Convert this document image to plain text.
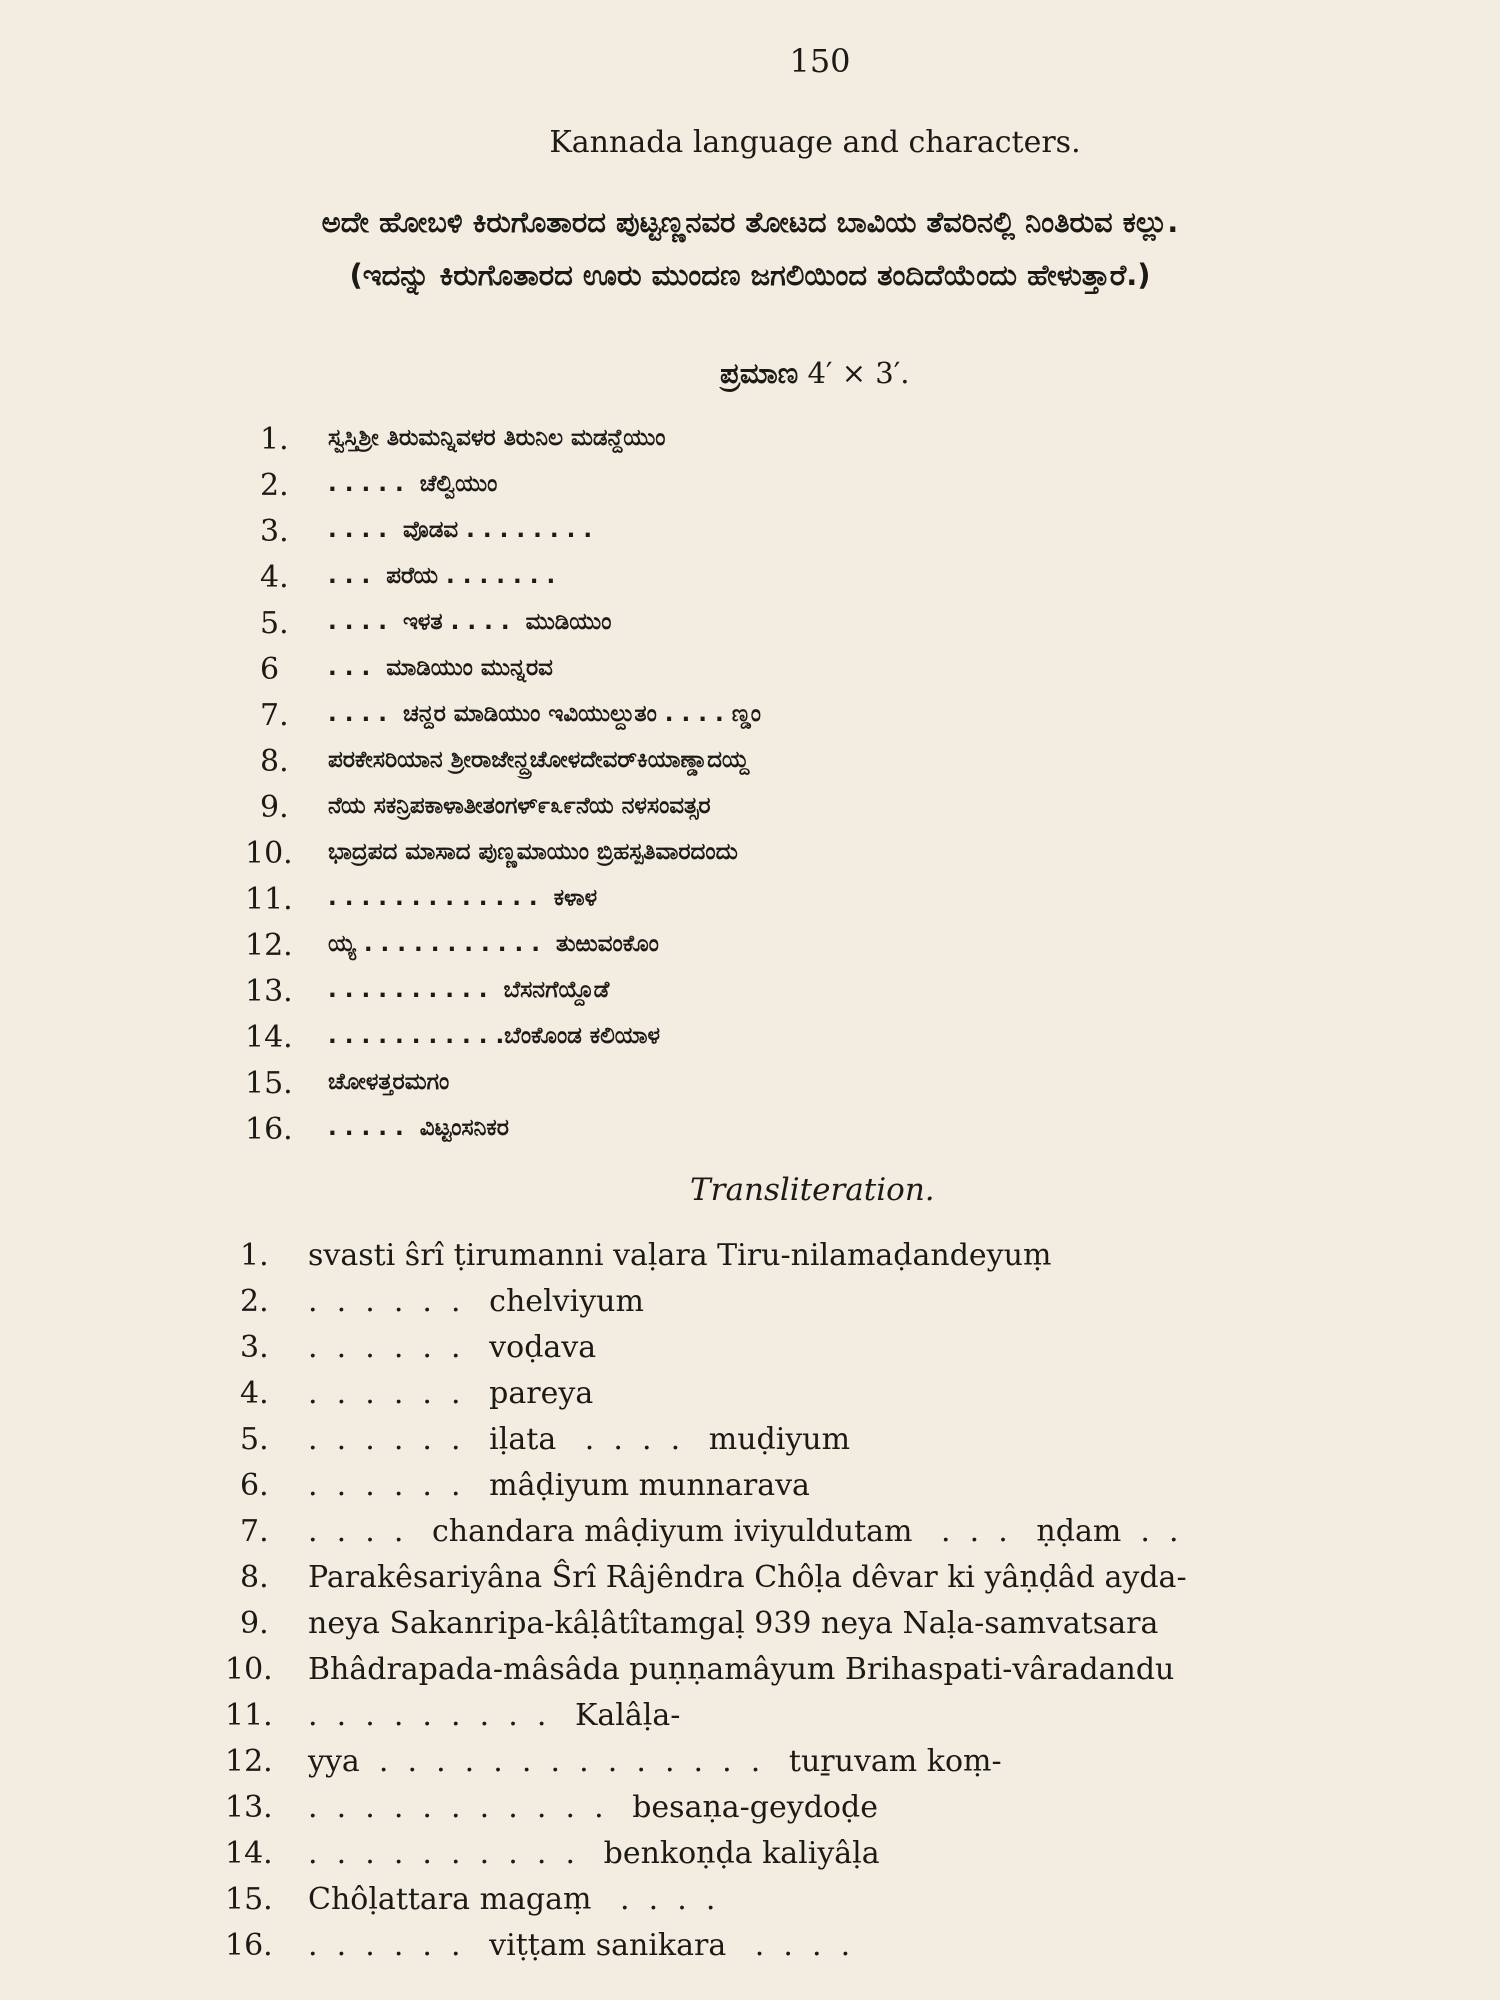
150
Kannada language and characters.
ಅದೇ ಹೋಬಳಿ ಕಿರುಗೊತಾರದ ಪುಟ್ಟಣ್ಣನವರ ತೋಟದ ಬಾವಿಯ ತೆವರಿನಲ್ಲಿ ನಿಂತಿರುವ ಕಲ್ಲು.
(ಇದನ್ನು ಕಿರುಗೊತಾರದ ಊರು ಮುಂದಣ ಜಗಲಿಯಿಂದ ತಂದಿದೆಯೆಂದು ಹೇಳುತ್ತಾರೆ.)
ಪ್ರಮಾಣ 4′ × 3′.
1. ಸ್ವಸ್ತಿಶ್ರೀ ತಿರುಮನ್ನಿವಳರ ತಿರುನಿಲ ಮಡನ್ದೆಯುಂ
2. . . . . .  ಚೆಲ್ವಿಯುಂ
3. . . . .  ವೊಡವ . . . . . . . .
4. . . .  ಪರೆಯ . . . . . . .
5. . . . .  ಇಳತ . . . .  ಮುಡಿಯುಂ
6 . . .  ಮಾಡಿಯುಂ ಮುನ್ನರವ
7. . . . .  ಚನ್ದರ ಮಾಡಿಯುಂ ಇವಿಯುಲ್ದುತಂ . . . . ಣ್ಡಂ
8. ಪರಕೇಸರಿಯಾನ ಶ್ರೀರಾಜೇನ್ದ್ರಚೋಳದೇವರ್‌ಕಿಯಾಣ್ಡಾದಯ್ದ
9. ನೆಯ ಸಕನ್ರಿಪಕಾಳಾತೀತಂಗಳ್‌೯೩೯ನೆಯ ನಳಸಂವತ್ಸರ
10. ಭಾದ್ರಪದ ಮಾಸಾದ ಪುಣ್ಣಮಾಯುಂ ಬ್ರಿಹಸ್ಪತಿವಾರದಂದು
11. . . . . . . . . . . . . .  ಕಳಾಳ
12. ಯ್ಯ . . . . . . . . . . .  ತುಱುವಂಕೊಂ
13. . . . . . . . . . .  ಬೆಸನಗೆಯ್ದೊಡೆ
14. . . . . . . . . . . .ಬೆಂಕೊಂಡ ಕಲಿಯಾಳ
15. ಚೋಳತ್ತರಮಗಂ
16. . . . . .  ವಿಟ್ಟಂಸನಿಕರ
Transliteration.
1. svasti ŝrî ṭirumanni vaḷara Tiru-nilamaḍandeyuṃ
2. .  .  .  .  .  .   chelviyum
3. .  .  .  .  .  .   voḍava
4. .  .  .  .  .  .   pareya
5. .  .  .  .  .  .   iḷata   .  .  .  .   muḍiyum
6. .  .  .  .  .  .   mâḍiyum munnarava
7. .  .  .  .   chandara mâḍiyum iviyuldutam   .  .  .   ṇḍam  .  .
8. Parakêsariyâna Ŝrî Râjêndra Chôḷa dêvar ki yâṇḍâd ayda-
9. neya Sakanripa-kâḷâtîtamgaḷ 939 neya Naḷa-samvatsara
10. Bhâdrapada-mâsâda puṇṇamâyum Brihaspati-vâradandu
11. .  .  .  .  .  .  .  .  .   Kalâḷa-
12. yya  .  .  .  .  .  .  .  .  .  .  .  .  .  .   tuṟuvam koṃ-
13. .  .  .  .  .  .  .  .  .  .  .   besaṇa-geydoḍe
14. .  .  .  .  .  .  .  .  .  .   benkoṇḍa kaliyâḷa
15. Chôḷattara magaṃ   .  .  .  .
16. .  .  .  .  .  .   viṭṭam sanikara   .  .  .  .
